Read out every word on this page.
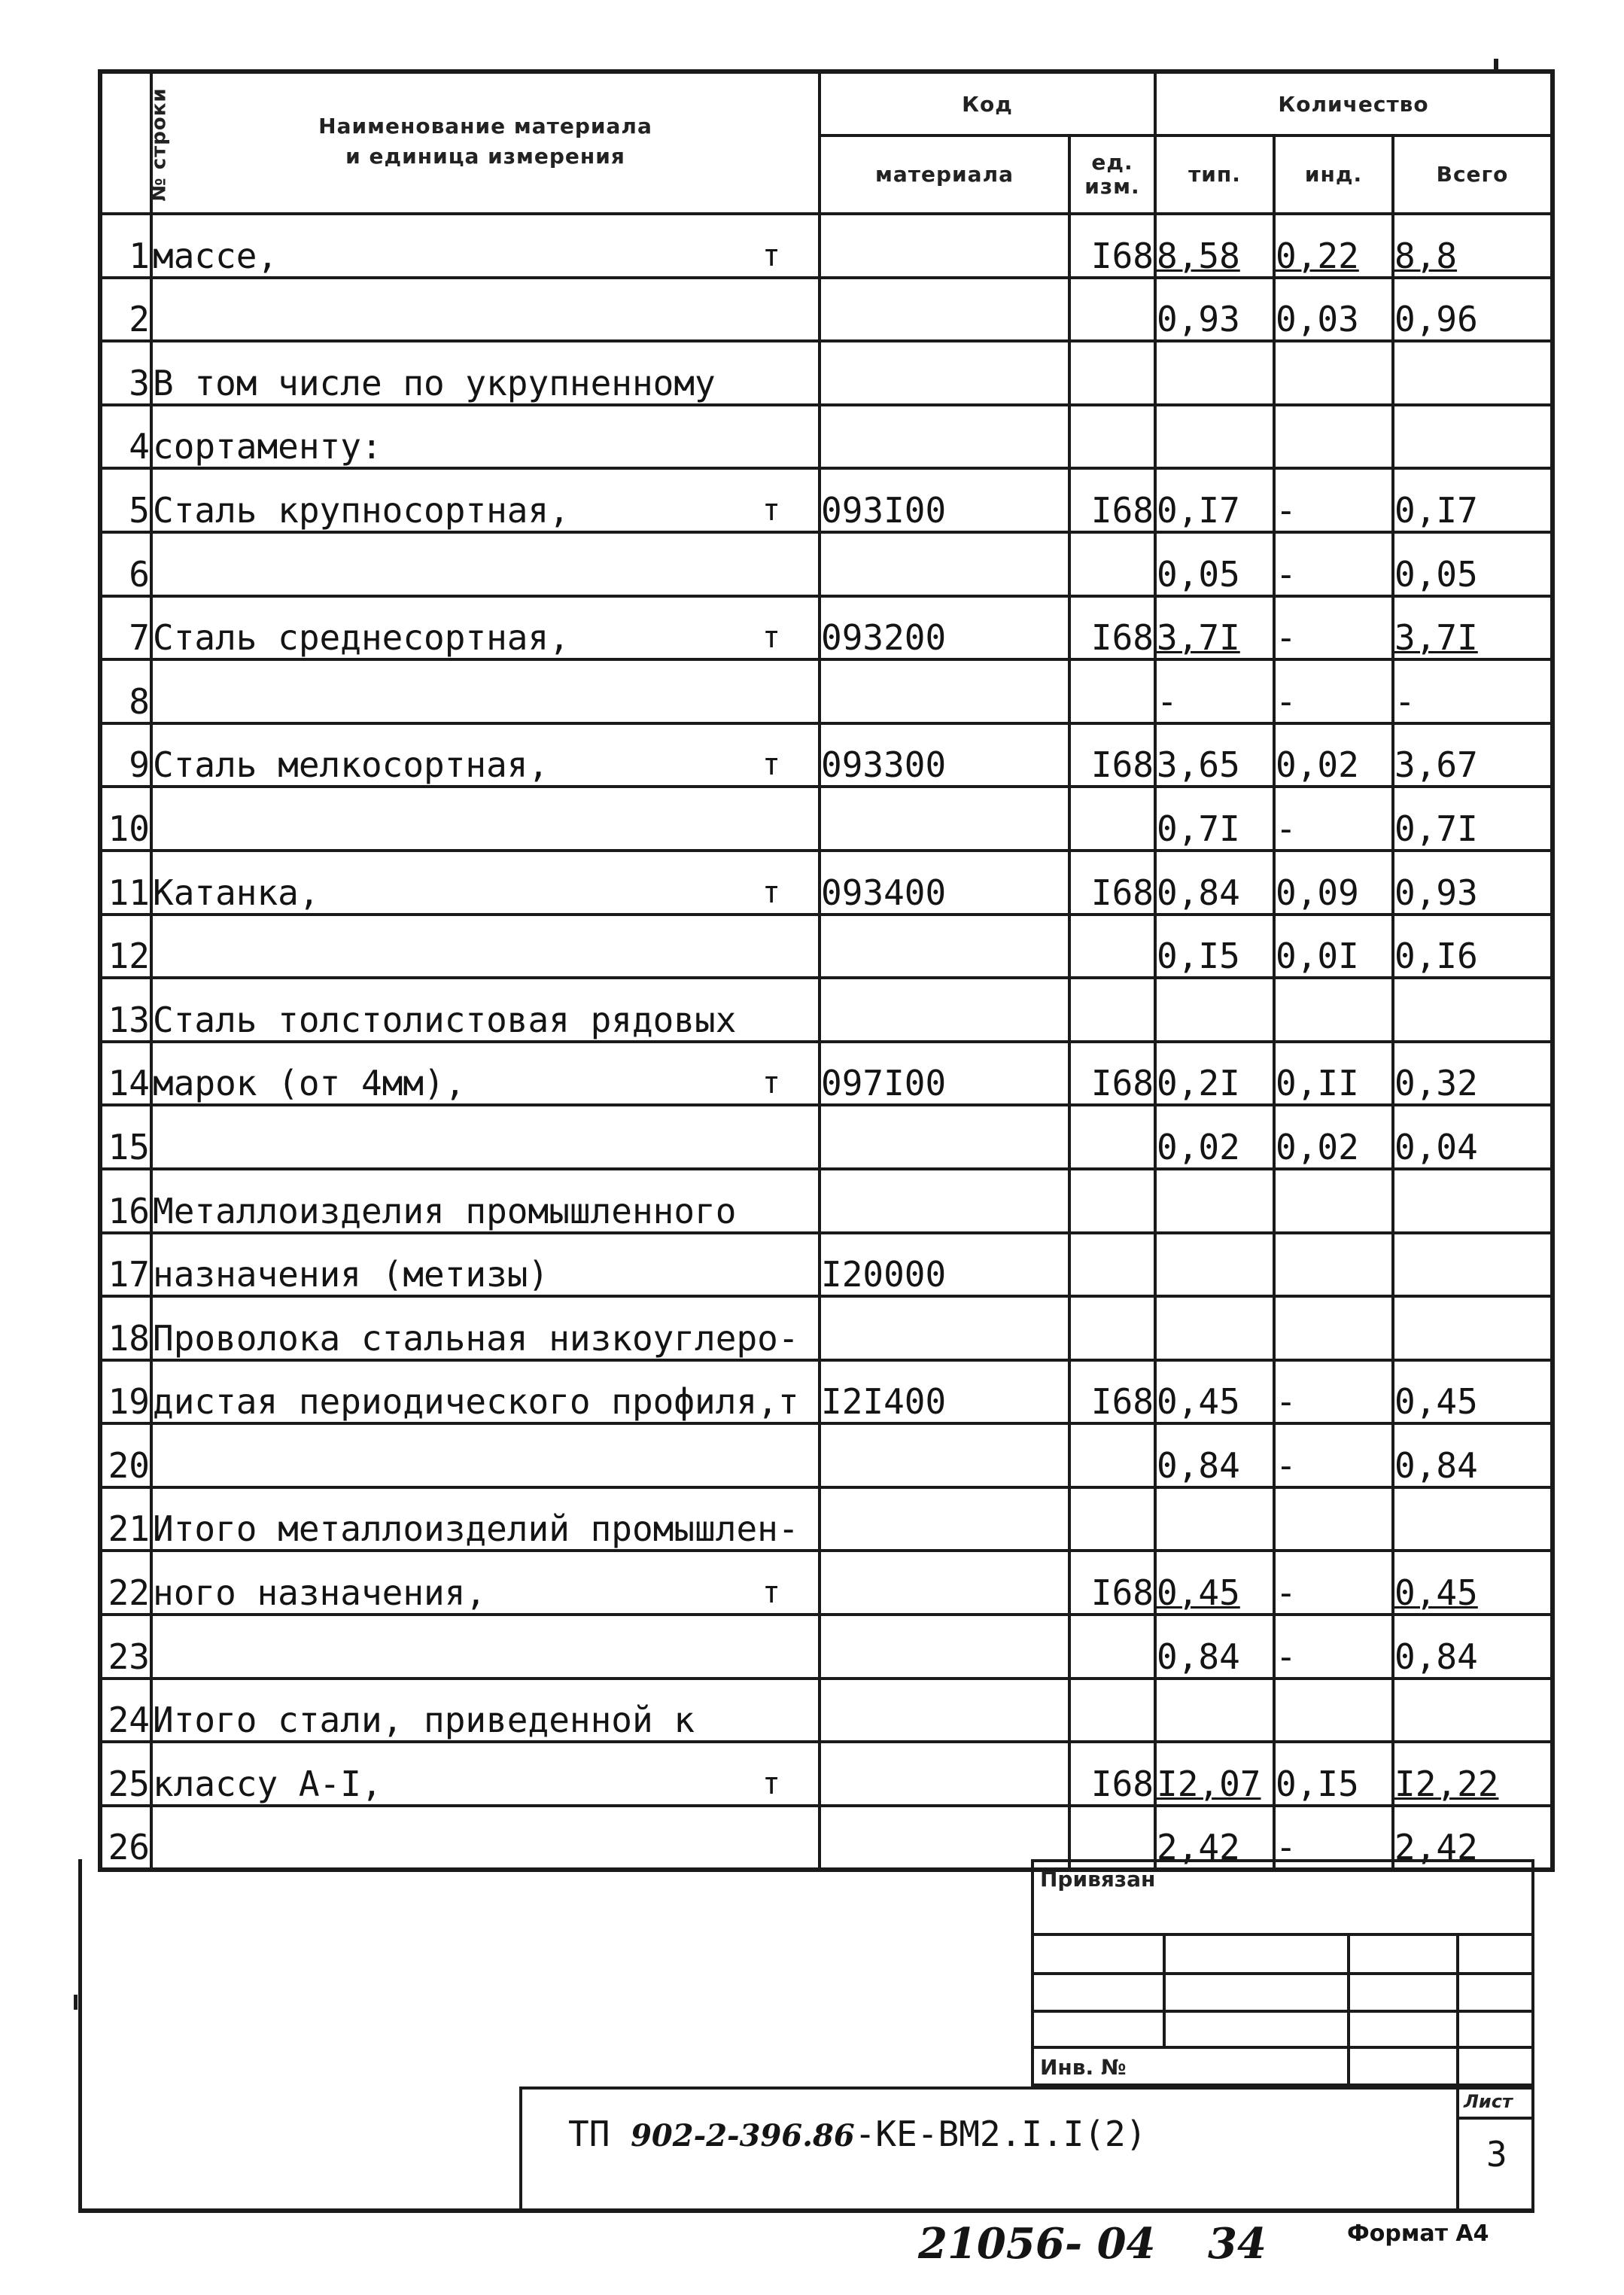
№ строки	Наименование материала
и единица измерения	Код		Количество		
		материала	ед.
изм.	тип.	инд.	Всего
1	массе, т		I68	8,58	0,22	8,8
2				0,93	0,03	0,96
3	В том числе по укрупненному

4	сортаменту:

5	Сталь крупносортная, т	093I00	I68	0,I7	-	0,I7
6				0,05	-	0,05
7	Сталь среднесортная, т	093200	I68	3,7I	-	3,7I
8				-	-	-
9	Сталь мелкосортная, т	093300	I68	3,65	0,02	3,67
10				0,7I	-	0,7I
11	Катанка, т	093400	I68	0,84	0,09	0,93
12				0,I5	0,0I	0,I6
13	Сталь толстолистовая рядовых

14	марок (от 4мм), т	097I00	I68	0,2I	0,II	0,32
15				0,02	0,02	0,04
16	Металлоизделия промышленного

17	назначения (метизы)	I20000				
18	Проволока стальная низкоуглеро-

19	дистая периодического профиля,т	I2I400	I68	0,45	-	0,45
20				0,84	-	0,84
21	Итого металлоизделий промышлен-

22	ного назначения, т		I68	0,45	-	0,45
23				0,84	-	0,84
24	Итого стали, приведенной к

25	классу А-I, т		I68	I2,07	0,I5	I2,22
26				2,42	-	2,42
Привязан
Инв. №
ТП 902-2-396.86-КЕ-ВМ2.I.I(2)
Лист
3
21056- 04 34	Формат А4
